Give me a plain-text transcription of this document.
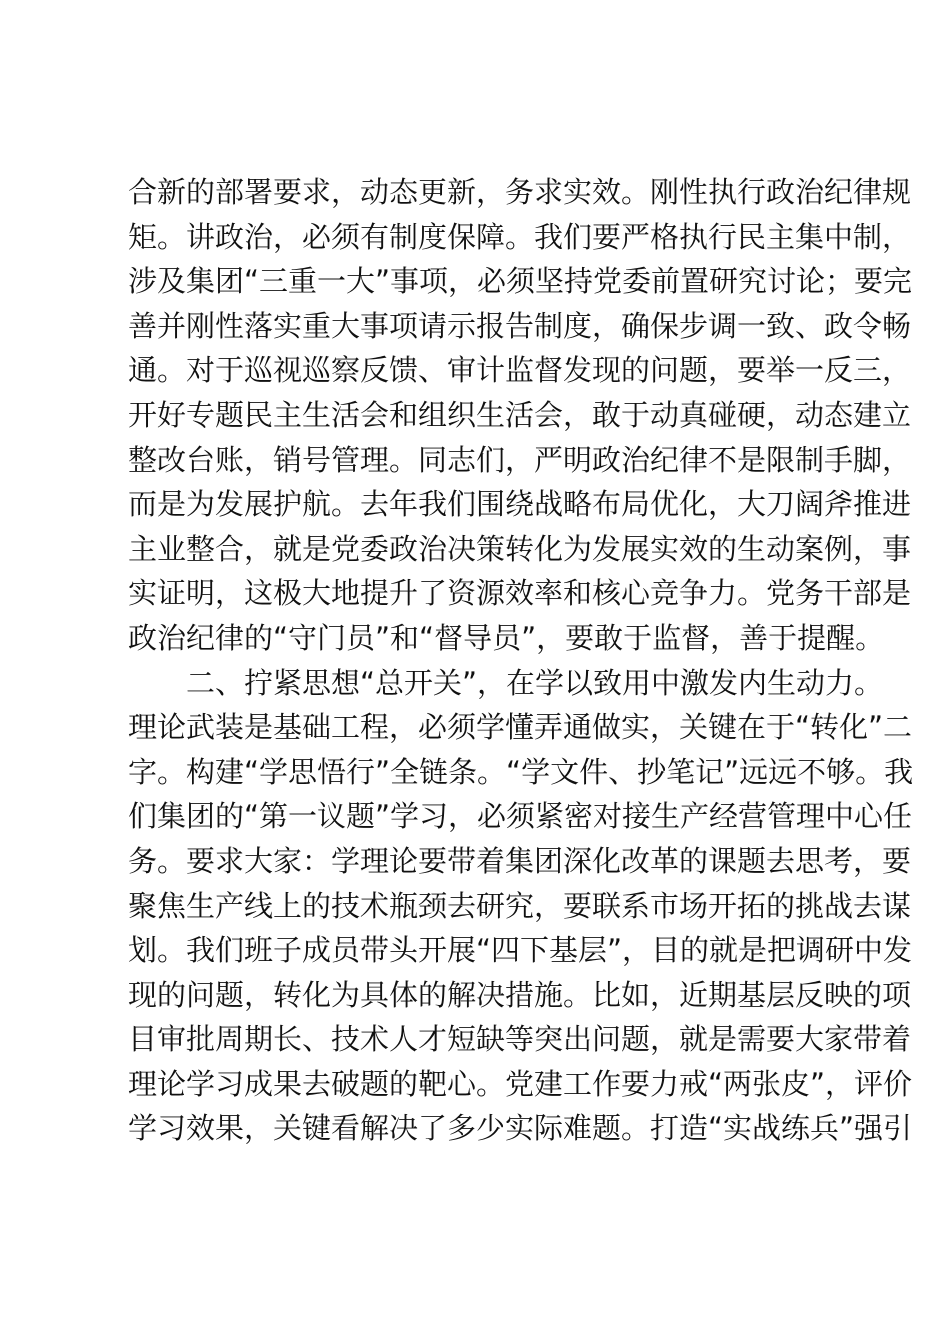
合新的部署要求，动态更新，务求实效。刚性执行政治纪律规
矩。讲政治，必须有制度保障。我们要严格执行民主集中制，
涉及集团“三重一大”事项，必须坚持党委前置研究讨论；要完
善并刚性落实重大事项请示报告制度，确保步调一致、政令畅
通。对于巡视巡察反馈、审计监督发现的问题，要举一反三，
开好专题民主生活会和组织生活会，敢于动真碰硬，动态建立
整改台账，销号管理。同志们，严明政治纪律不是限制手脚，
而是为发展护航。去年我们围绕战略布局优化，大刀阔斧推进
主业整合，就是党委政治决策转化为发展实效的生动案例，事
实证明，这极大地提升了资源效率和核心竞争力。党务干部是
政治纪律的“守门员”和“督导员”，要敢于监督，善于提醒。
二、拧紧思想“总开关”，在学以致用中激发内生动力。
理论武装是基础工程，必须学懂弄通做实，关键在于“转化”二
字。构建“学思悟行”全链条。“学文件、抄笔记”远远不够。我
们集团的“第一议题”学习，必须紧密对接生产经营管理中心任
务。要求大家：学理论要带着集团深化改革的课题去思考，要
聚焦生产线上的技术瓶颈去研究，要联系市场开拓的挑战去谋
划。我们班子成员带头开展“四下基层”，目的就是把调研中发
现的问题，转化为具体的解决措施。比如，近期基层反映的项
目审批周期长、技术人才短缺等突出问题，就是需要大家带着
理论学习成果去破题的靶心。党建工作要力戒“两张皮”，评价
学习效果，关键看解决了多少实际难题。打造“实战练兵”强引
